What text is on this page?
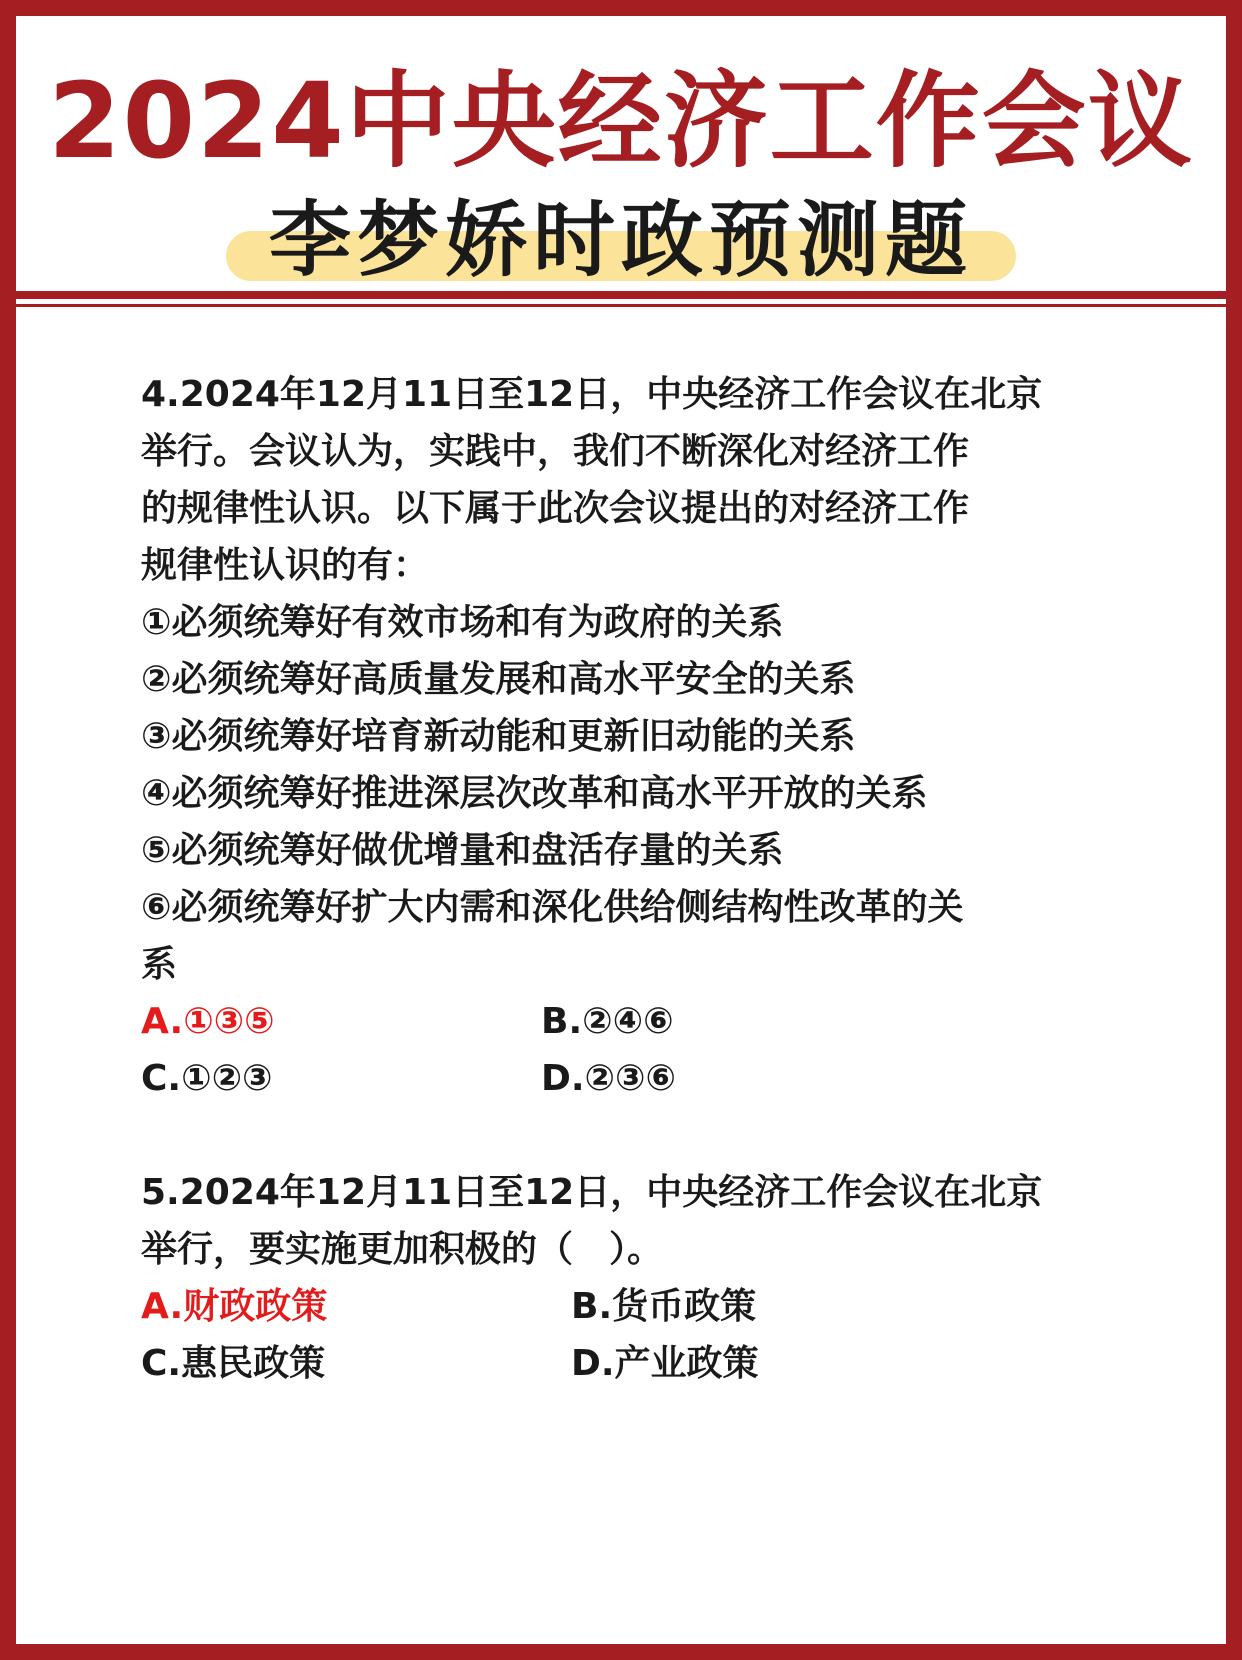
2024中央经济工作会议
李梦娇时政预测题
4.2024年12月11日至12日，中央经济工作会议在北京
举行。会议认为，实践中，我们不断深化对经济工作
的规律性认识。以下属于此次会议提出的对经济工作
规律性认识的有：
①必须统筹好有效市场和有为政府的关系
②必须统筹好高质量发展和高水平安全的关系
③必须统筹好培育新动能和更新旧动能的关系
④必须统筹好推进深层次改革和高水平开放的关系
⑤必须统筹好做优增量和盘活存量的关系
⑥必须统筹好扩大内需和深化供给侧结构性改革的关
系
A.①③⑤	B.②④⑥
C.①②③	D.②③⑥
5.2024年12月11日至12日，中央经济工作会议在北京
举行，要实施更加积极的（　）。
A.财政政策	B.货币政策
C.惠民政策	D.产业政策
